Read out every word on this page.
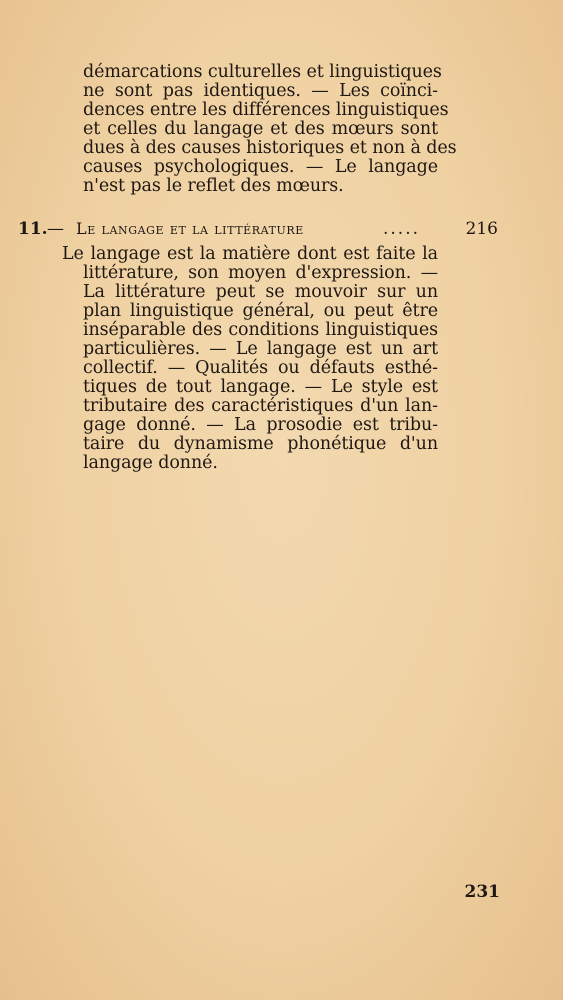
démarcations culturelles et linguistiques
ne sont pas identiques. — Les coïnci-
dences entre les différences linguistiques
et celles du langage et des mœurs sont
dues à des causes historiques et non à des
causes psychologiques. — Le langage
n'est pas le reflet des mœurs.
11. — Le langage et la littérature	.....	216
Le langage est la matière dont est faite la
littérature, son moyen d'expression. —
La littérature peut se mouvoir sur un
plan linguistique général, ou peut être
inséparable des conditions linguistiques
particulières. — Le langage est un art
collectif. — Qualités ou défauts esthé-
tiques de tout langage. — Le style est
tributaire des caractéristiques d'un lan-
gage donné. — La prosodie est tribu-
taire du dynamisme phonétique d'un
langage donné.
231
